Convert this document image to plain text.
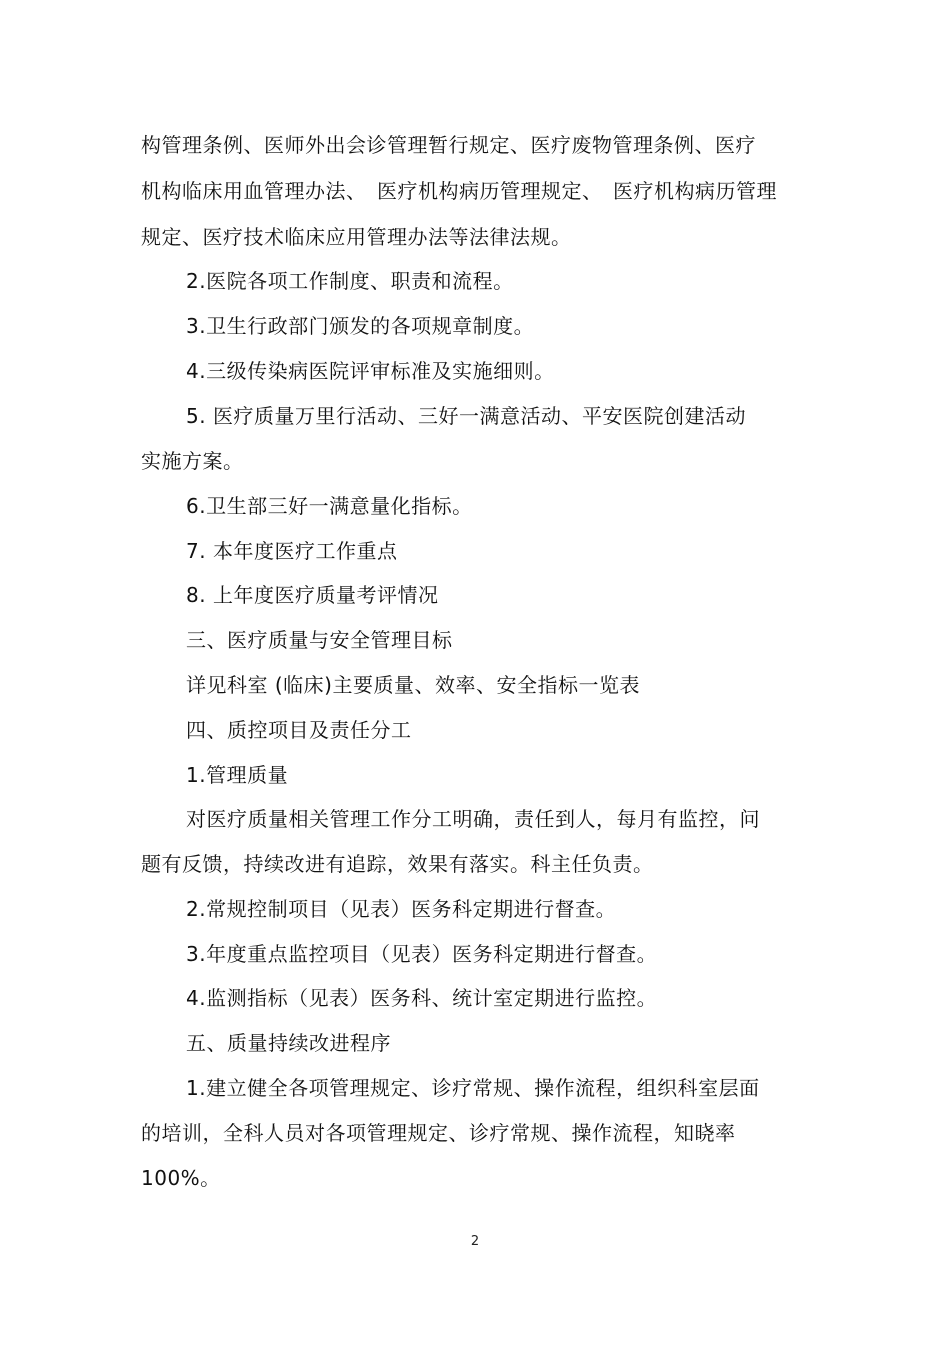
构管理条例、医师外出会诊管理暂行规定、医疗废物管理条例、医疗
机构临床用血管理办法、　医疗机构病历管理规定、　医疗机构病历管理
规定、医疗技术临床应用管理办法等法律法规。
2.医院各项工作制度、职责和流程。
3.卫生行政部门颁发的各项规章制度。
4.三级传染病医院评审标准及实施细则。
5. 医疗质量万里行活动、三好一满意活动、平安医院创建活动
实施方案。
6.卫生部三好一满意量化指标。
7. 本年度医疗工作重点
8. 上年度医疗质量考评情况
三、医疗质量与安全管理目标
详见科室 (临床)主要质量、效率、安全指标一览表
四、质控项目及责任分工
1.管理质量
对医疗质量相关管理工作分工明确，责任到人，每月有监控，问
题有反馈，持续改进有追踪，效果有落实。科主任负责。
2.常规控制项目（见表）医务科定期进行督查。
3.年度重点监控项目（见表）医务科定期进行督查。
4.监测指标（见表）医务科、统计室定期进行监控。
五、质量持续改进程序
1.建立健全各项管理规定、诊疗常规、操作流程，组织科室层面
的培训，全科人员对各项管理规定、诊疗常规、操作流程，知晓率
100%。
2
